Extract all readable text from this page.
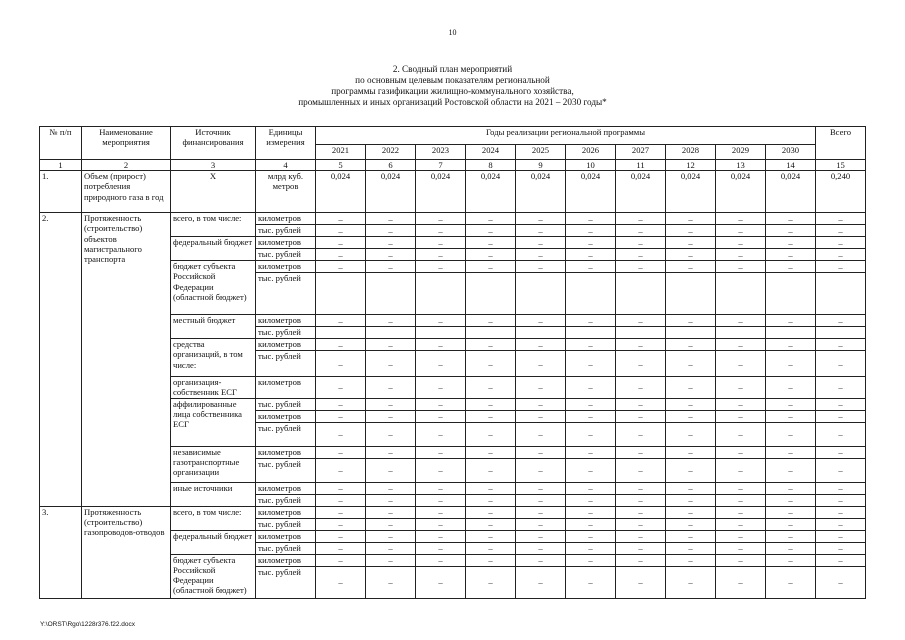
10
2. Сводный план мероприятий
по основным целевым показателям региональной
программы газификации жилищно-коммунального хозяйства,
промышленных и иных организаций Ростовской области на 2021 – 2030 годы*
№ п/п	Наименование мероприятия	Источник финансирования	Единицы измерения	Годы реализации региональной программы										Всего
				2021	2022	2023	2024	2025	2026	2027	2028	2029	2030	
1	2	3	4	5	6	7	8	9	10	11	12	13	14	15
1.	Объем (прирост) потребления природного газа в год	Х	млрд куб. метров	0,024	0,024	0,024	0,024	0,024	0,024	0,024	0,024	0,024	0,024	0,240
2.	Протяженность (строительство) объектов магистрального транспорта	всего, в том числе:	километров	–	–	–	–	–	–	–	–	–	–	–
			тыс. рублей	–	–	–	–	–	–	–	–	–	–	–
		федеральный бюджет	километров	–	–	–	–	–	–	–	–	–	–	–
			тыс. рублей	–	–	–	–	–	–	–	–	–	–	–
		бюджет субъекта Российской Федерации (областной бюджет)	километров	–	–	–	–	–	–	–	–	–	–	–
			тыс. рублей											
		местный бюджет	километров	–	–	–	–	–	–	–	–	–	–	–
			тыс. рублей											
		средства организаций, в том числе:	километров	–	–	–	–	–	–	–	–	–	–	–
			тыс. рублей	–	–	–	–	–	–	–	–	–	–	–
		организация-собственник ЕСГ	километров	–	–	–	–	–	–	–	–	–	–	–
		аффилированные лица собственника ЕСГ	тыс. рублей	–	–	–	–	–	–	–	–	–	–	–
			километров	–	–	–	–	–	–	–	–	–	–	–
			тыс. рублей	–	–	–	–	–	–	–	–	–	–	–
		независимые газотранспортные организации	километров	–	–	–	–	–	–	–	–	–	–	–
			тыс. рублей	–	–	–	–	–	–	–	–	–	–	–
		иные источники	километров	–	–	–	–	–	–	–	–	–	–	–
			тыс. рублей	–	–	–	–	–	–	–	–	–	–	–
3.	Протяженность (строительство) газопроводов-отводов	всего, в том числе:	километров	–	–	–	–	–	–	–	–	–	–	–
			тыс. рублей	–	–	–	–	–	–	–	–	–	–	–
		федеральный бюджет	километров	–	–	–	–	–	–	–	–	–	–	–
			тыс. рублей	–	–	–	–	–	–	–	–	–	–	–
		бюджет субъекта Российской Федерации (областной бюджет)	километров	–	–	–	–	–	–	–	–	–	–	–
			тыс. рублей	–	–	–	–	–	–	–	–	–	–	–
Y:\ORST\Rgo\1228r376.f22.docx
